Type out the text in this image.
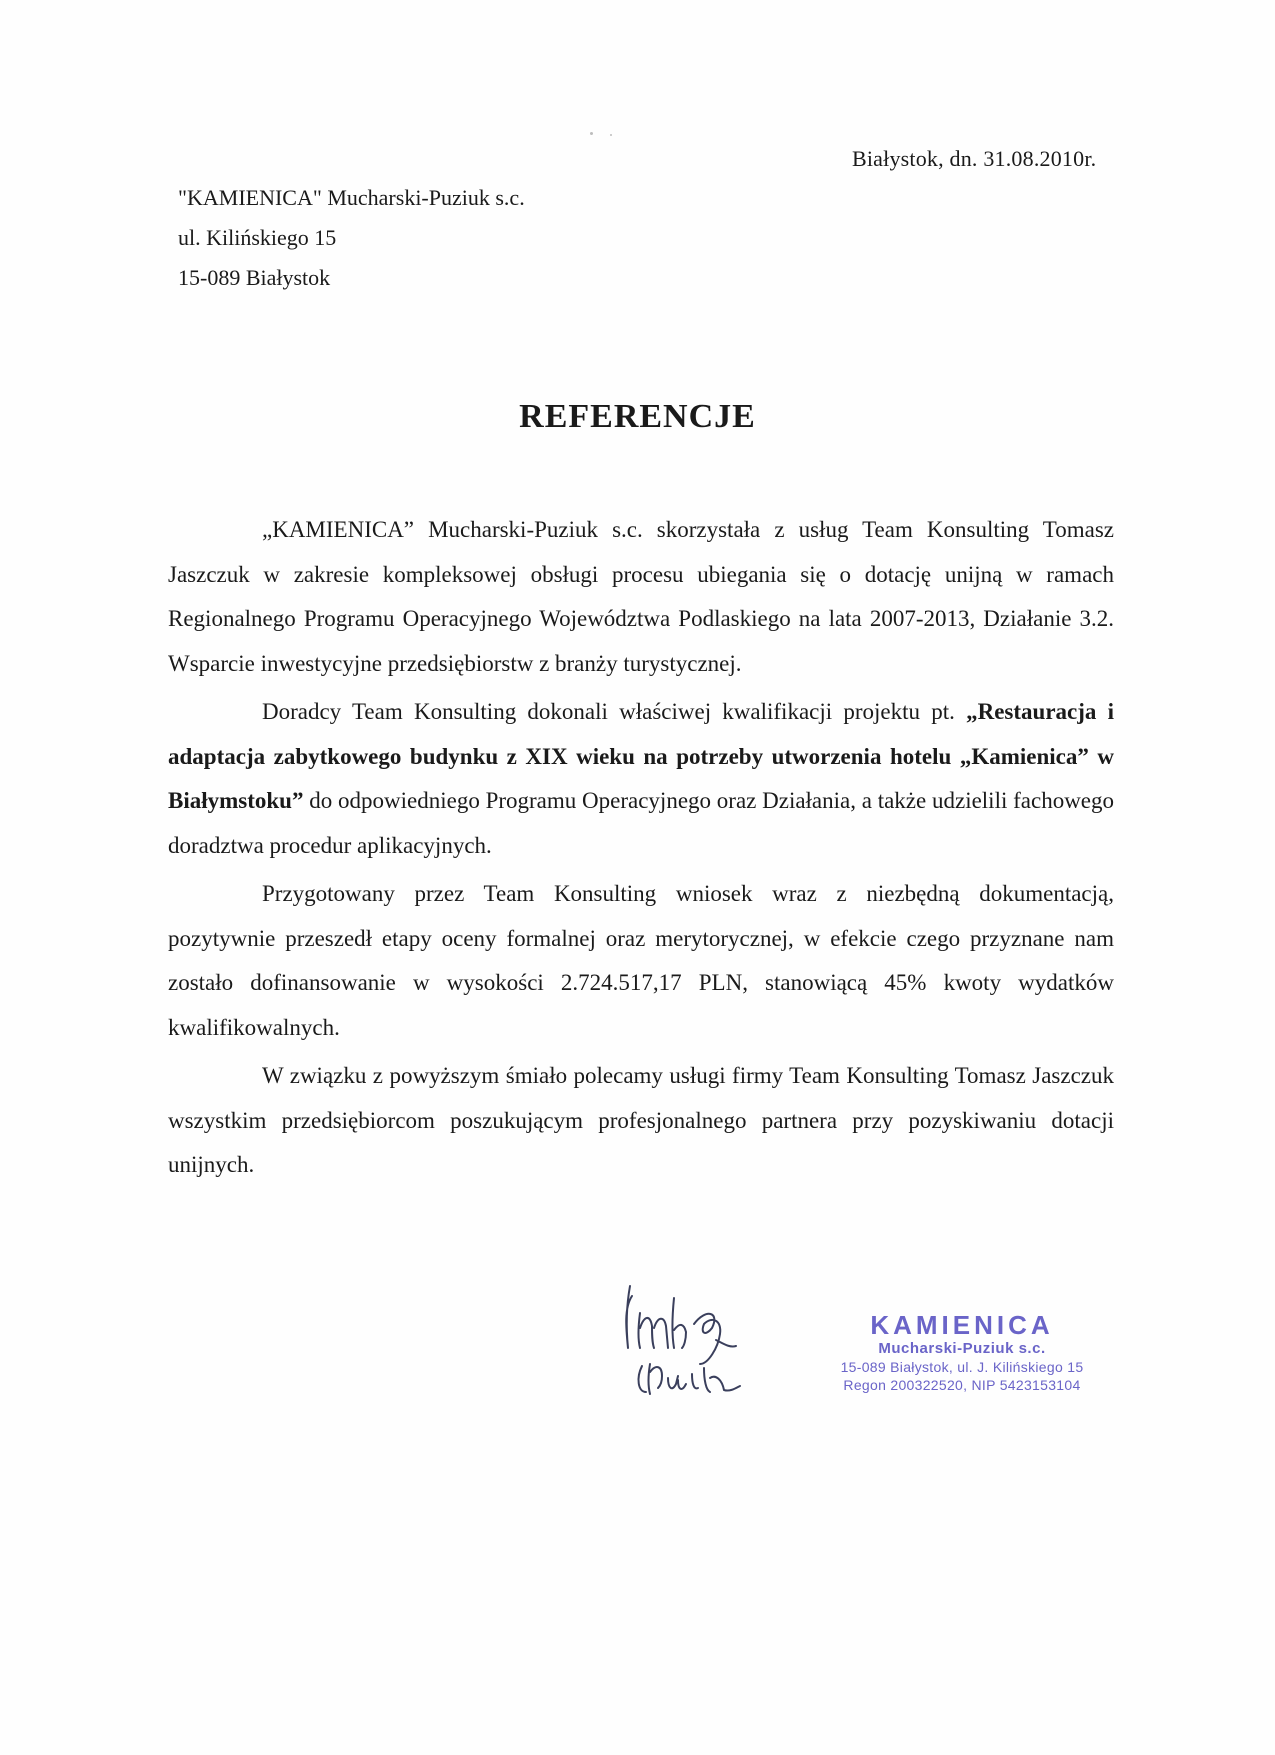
Białystok, dn. 31.08.2010r.
"KAMIENICA" Mucharski-Puziuk s.c.
ul. Kilińskiego 15
15-089 Białystok
REFERENCJE

„KAMIENICA” Mucharski-Puziuk s.c. skorzystała z usług Team Konsulting Tomasz Jaszczuk w zakresie kompleksowej obsługi procesu ubiegania się o dotację unijną w ramach Regionalnego Programu Operacyjnego Województwa Podlaskiego na lata 2007-2013, Działanie 3.2. Wsparcie inwestycyjne przedsiębiorstw z branży turystycznej.

Doradcy Team Konsulting dokonali właściwej kwalifikacji projektu pt. „Restauracja i adaptacja zabytkowego budynku z XIX wieku na potrzeby utworzenia hotelu „Kamienica” w Białymstoku” do odpowiedniego Programu Operacyjnego oraz Działania, a także udzielili fachowego doradztwa procedur aplikacyjnych.

Przygotowany przez Team Konsulting wniosek wraz z niezbędną dokumentacją, pozytywnie przeszedł etapy oceny formalnej oraz merytorycznej, w efekcie czego przyznane nam zostało dofinansowanie w wysokości 2.724.517,17 PLN, stanowiącą 45% kwoty wydatków kwalifikowalnych.

W związku z powyższym śmiało polecamy usługi firmy Team Konsulting Tomasz Jaszczuk wszystkim przedsiębiorcom poszukującym profesjonalnego partnera przy pozyskiwaniu dotacji unijnych.

KAMIENICA
Mucharski-Puziuk s.c.
15-089 Białystok, ul. J. Kilińskiego 15
Regon 200322520, NIP 5423153104
